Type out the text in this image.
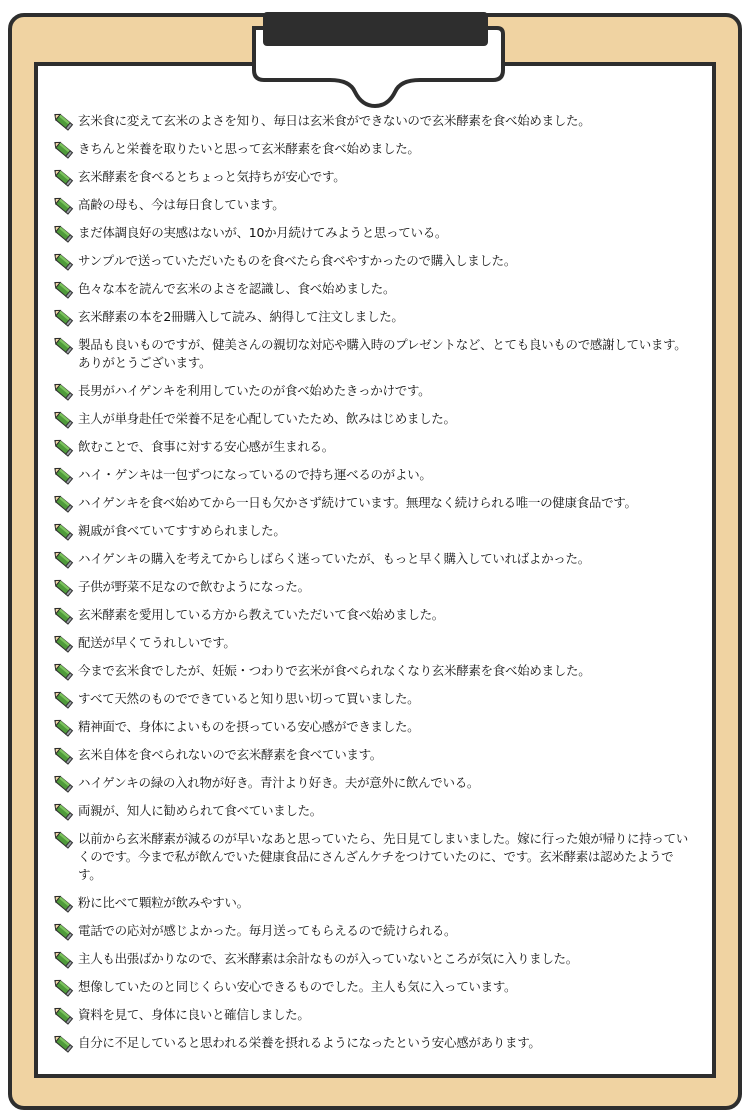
玄米食に変えて玄米のよさを知り、毎日は玄米食ができないので玄米酵素を食べ始めました。
きちんと栄養を取りたいと思って玄米酵素を食べ始めました。
玄米酵素を食べるとちょっと気持ちが安心です。
高齢の母も、今は毎日食しています。
まだ体調良好の実感はないが、10か月続けてみようと思っている。
サンプルで送っていただいたものを食べたら食べやすかったので購入しました。
色々な本を読んで玄米のよさを認識し、食べ始めました。
玄米酵素の本を2冊購入して読み、納得して注文しました。
製品も良いものですが、健美さんの親切な対応や購入時のプレゼントなど、とても良いもので感謝しています。ありがとうございます。
長男がハイゲンキを利用していたのが食べ始めたきっかけです。
主人が単身赴任で栄養不足を心配していたため、飲みはじめました。
飲むことで、食事に対する安心感が生まれる。
ハイ・ゲンキは一包ずつになっているので持ち運べるのがよい。
ハイゲンキを食べ始めてから一日も欠かさず続けています。無理なく続けられる唯一の健康食品です。
親戚が食べていてすすめられました。
ハイゲンキの購入を考えてからしばらく迷っていたが、もっと早く購入していればよかった。
子供が野菜不足なので飲むようになった。
玄米酵素を愛用している方から教えていただいて食べ始めました。
配送が早くてうれしいです。
今まで玄米食でしたが、妊娠・つわりで玄米が食べられなくなり玄米酵素を食べ始めました。
すべて天然のものでできていると知り思い切って買いました。
精神面で、身体によいものを摂っている安心感ができました。
玄米自体を食べられないので玄米酵素を食べています。
ハイゲンキの緑の入れ物が好き。青汁より好き。夫が意外に飲んでいる。
両親が、知人に勧められて食べていました。
以前から玄米酵素が減るのが早いなあと思っていたら、先日見てしまいました。嫁に行った娘が帰りに持っていくのです。今まで私が飲んでいた健康食品にさんざんケチをつけていたのに、です。玄米酵素は認めたようです。
粉に比べて顆粒が飲みやすい。
電話での応対が感じよかった。毎月送ってもらえるので続けられる。
主人も出張ばかりなので、玄米酵素は余計なものが入っていないところが気に入りました。
想像していたのと同じくらい安心できるものでした。主人も気に入っています。
資料を見て、身体に良いと確信しました。
自分に不足していると思われる栄養を摂れるようになったという安心感があります。
